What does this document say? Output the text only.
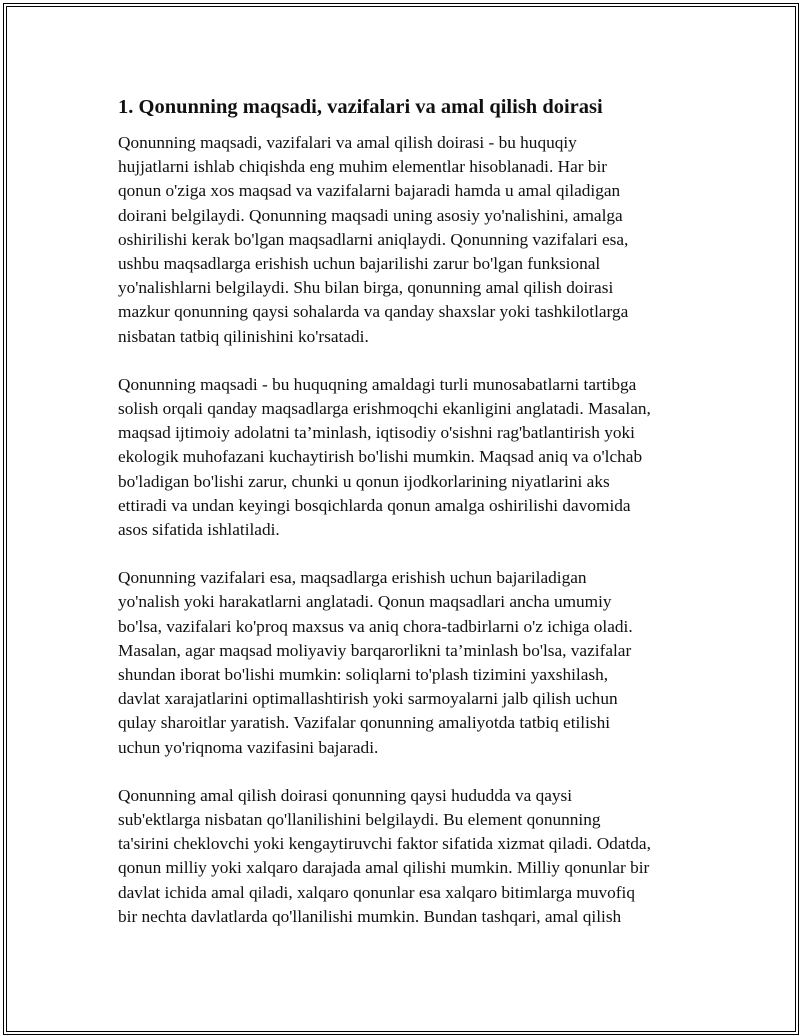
1. Qonunning maqsadi, vazifalari va amal qilish doirasi

Qonunning maqsadi, vazifalari va amal qilish doirasi - bu huquqiy
hujjatlarni ishlab chiqishda eng muhim elementlar hisoblanadi. Har bir
qonun o'ziga xos maqsad va vazifalarni bajaradi hamda u amal qiladigan
doirani belgilaydi. Qonunning maqsadi uning asosiy yo'nalishini, amalga
oshirilishi kerak bo'lgan maqsadlarni aniqlaydi. Qonunning vazifalari esa,
ushbu maqsadlarga erishish uchun bajarilishi zarur bo'lgan funksional
yo'nalishlarni belgilaydi. Shu bilan birga, qonunning amal qilish doirasi
mazkur qonunning qaysi sohalarda va qanday shaxslar yoki tashkilotlarga
nisbatan tatbiq qilinishini ko'rsatadi.

Qonunning maqsadi - bu huquqning amaldagi turli munosabatlarni tartibga
solish orqali qanday maqsadlarga erishmoqchi ekanligini anglatadi. Masalan,
maqsad ijtimoiy adolatni ta’minlash, iqtisodiy o'sishni rag'batlantirish yoki
ekologik muhofazani kuchaytirish bo'lishi mumkin. Maqsad aniq va o'lchab
bo'ladigan bo'lishi zarur, chunki u qonun ijodkorlarining niyatlarini aks
ettiradi va undan keyingi bosqichlarda qonun amalga oshirilishi davomida
asos sifatida ishlatiladi.

Qonunning vazifalari esa, maqsadlarga erishish uchun bajariladigan
yo'nalish yoki harakatlarni anglatadi. Qonun maqsadlari ancha umumiy
bo'lsa, vazifalari ko'proq maxsus va aniq chora-tadbirlarni o'z ichiga oladi.
Masalan, agar maqsad moliyaviy barqarorlikni ta’minlash bo'lsa, vazifalar
shundan iborat bo'lishi mumkin: soliqlarni to'plash tizimini yaxshilash,
davlat xarajatlarini optimallashtirish yoki sarmoyalarni jalb qilish uchun
qulay sharoitlar yaratish. Vazifalar qonunning amaliyotda tatbiq etilishi
uchun yo'riqnoma vazifasini bajaradi.

Qonunning amal qilish doirasi qonunning qaysi hududda va qaysi
sub'ektlarga nisbatan qo'llanilishini belgilaydi. Bu element qonunning
ta'sirini cheklovchi yoki kengaytiruvchi faktor sifatida xizmat qiladi. Odatda,
qonun milliy yoki xalqaro darajada amal qilishi mumkin. Milliy qonunlar bir
davlat ichida amal qiladi, xalqaro qonunlar esa xalqaro bitimlarga muvofiq
bir nechta davlatlarda qo'llanilishi mumkin. Bundan tashqari, amal qilish
